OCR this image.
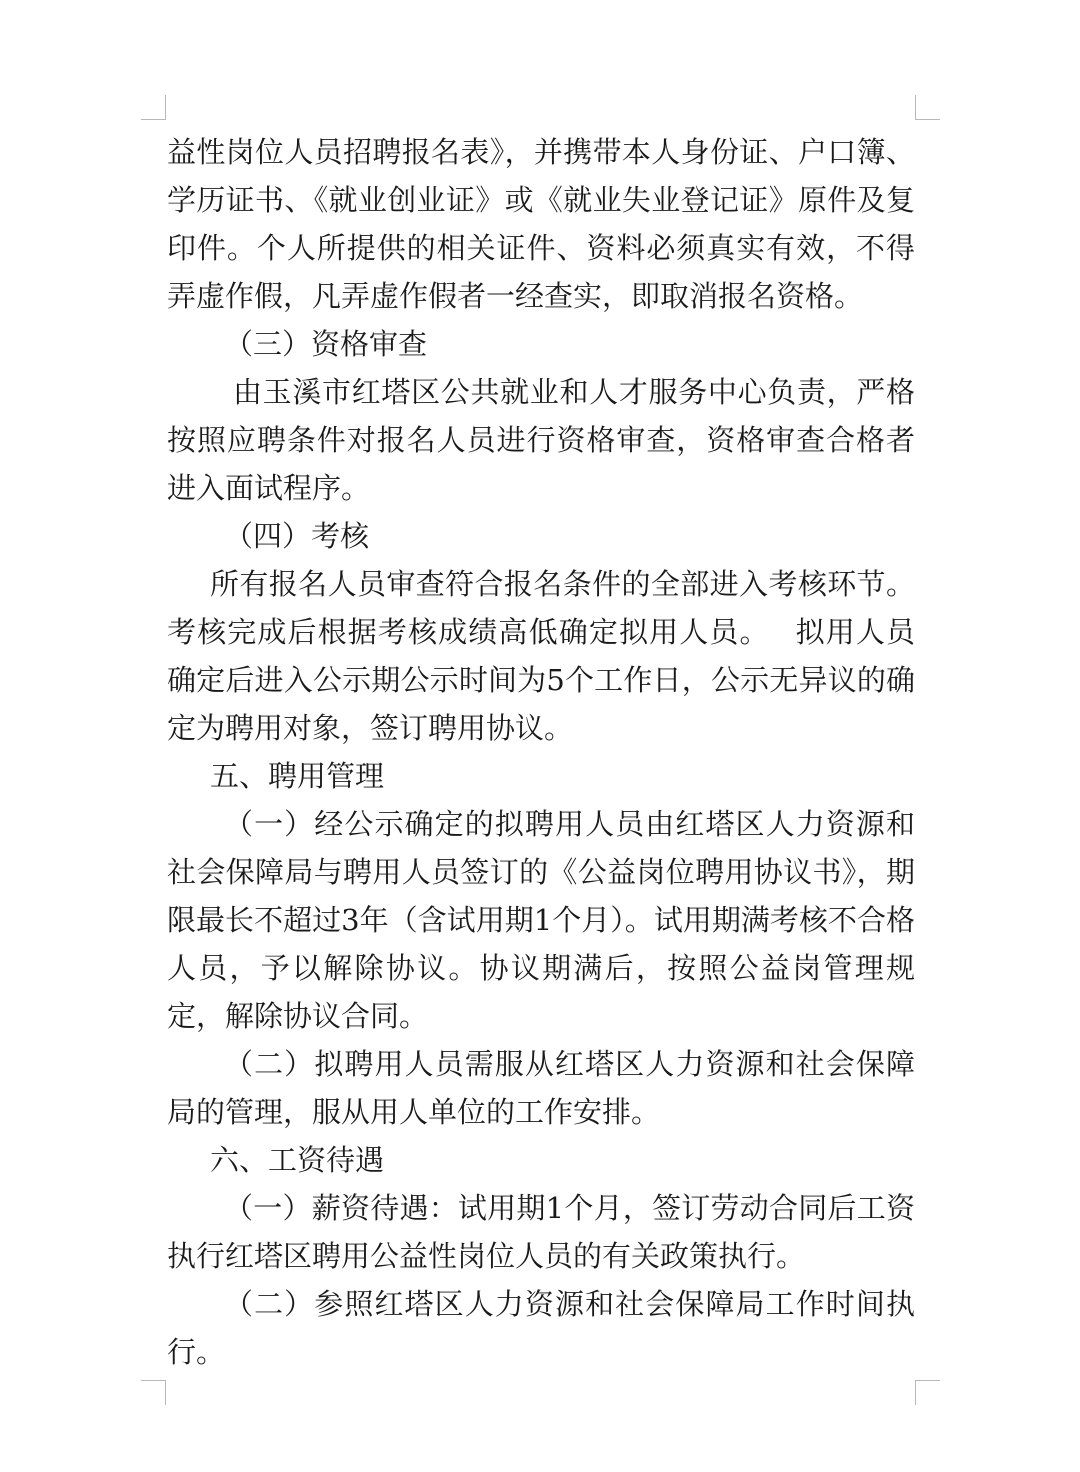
益性岗位人员招聘报名表》，并携带本人身份证、户口簿、学历证书、《就业创业证》或《就业失业登记证》原件及复印件。个人所提供的相关证件、资料必须真实有效，不得弄虚作假，凡弄虚作假者一经查实，即取消报名资格。

（三）资格审查

由玉溪市红塔区公共就业和人才服务中心负责，严格按照应聘条件对报名人员进行资格审查，资格审查合格者进入面试程序。

（四）考核

所有报名人员审查符合报名条件的全部进入考核环节。考核完成后根据考核成绩高低确定拟用人员。　 拟用人员确定后进入公示期公示时间为5个工作日，公示无异议的确定为聘用对象，签订聘用协议。

五、聘用管理

（一）经公示确定的拟聘用人员由红塔区人力资源和社会保障局与聘用人员签订的《公益岗位聘用协议书》，期限最长不超过3年（含试用期1个月）。试用期满考核不合格人员，予以解除协议。协议期满后，按照公益岗管理规定，解除协议合同。

（二）拟聘用人员需服从红塔区人力资源和社会保障局的管理，服从用人单位的工作安排。

六、工资待遇

（一）薪资待遇：试用期1个月，签订劳动合同后工资执行红塔区聘用公益性岗位人员的有关政策执行。

（二）参照红塔区人力资源和社会保障局工作时间执行。
